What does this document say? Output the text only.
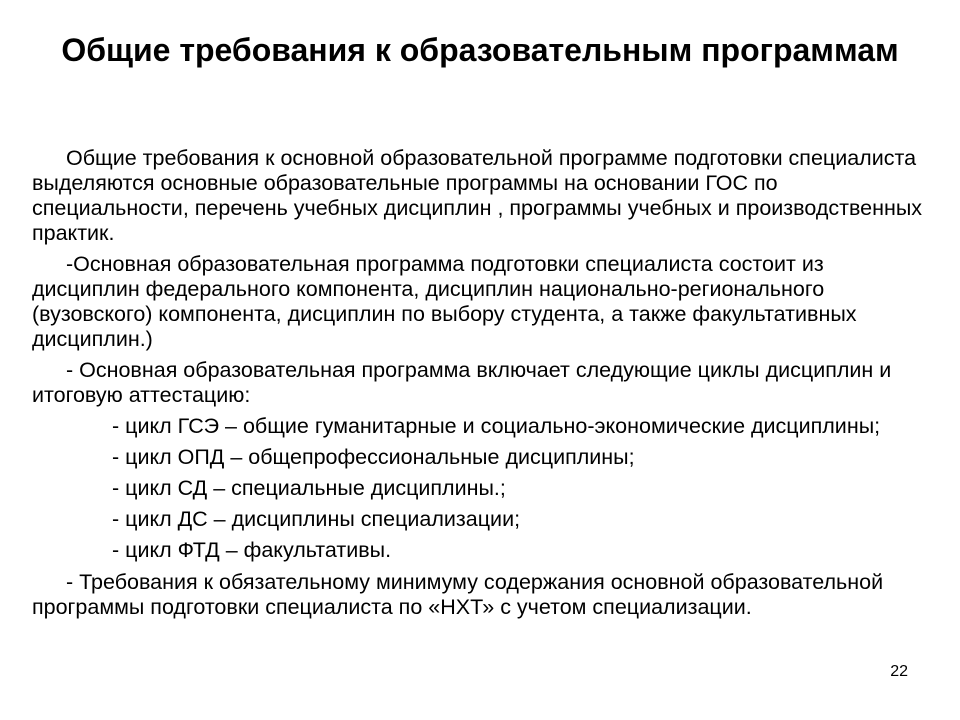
Общие требования к образовательным программам

Общие требования к основной образовательной программе подготовки специалиста выделяются основные образовательные программы на основании ГОС по специальности, перечень учебных дисциплин , программы учебных и производственных практик.

-Основная образовательная программа подготовки специалиста состоит из дисциплин федерального компонента, дисциплин национально-регионального (вузовского) компонента, дисциплин по выбору студента, а также факультативных дисциплин.)

- Основная образовательная программа включает следующие циклы дисциплин и итоговую аттестацию:

- цикл ГСЭ – общие гуманитарные и социально-экономические дисциплины;

- цикл ОПД – общепрофессиональные дисциплины;

- цикл СД – специальные дисциплины.;

- цикл ДС – дисциплины специализации;

- цикл ФТД – факультативы.

- Требования к обязательному минимуму содержания основной образовательной программы подготовки специалиста по «НХТ» с учетом специализации.

22
